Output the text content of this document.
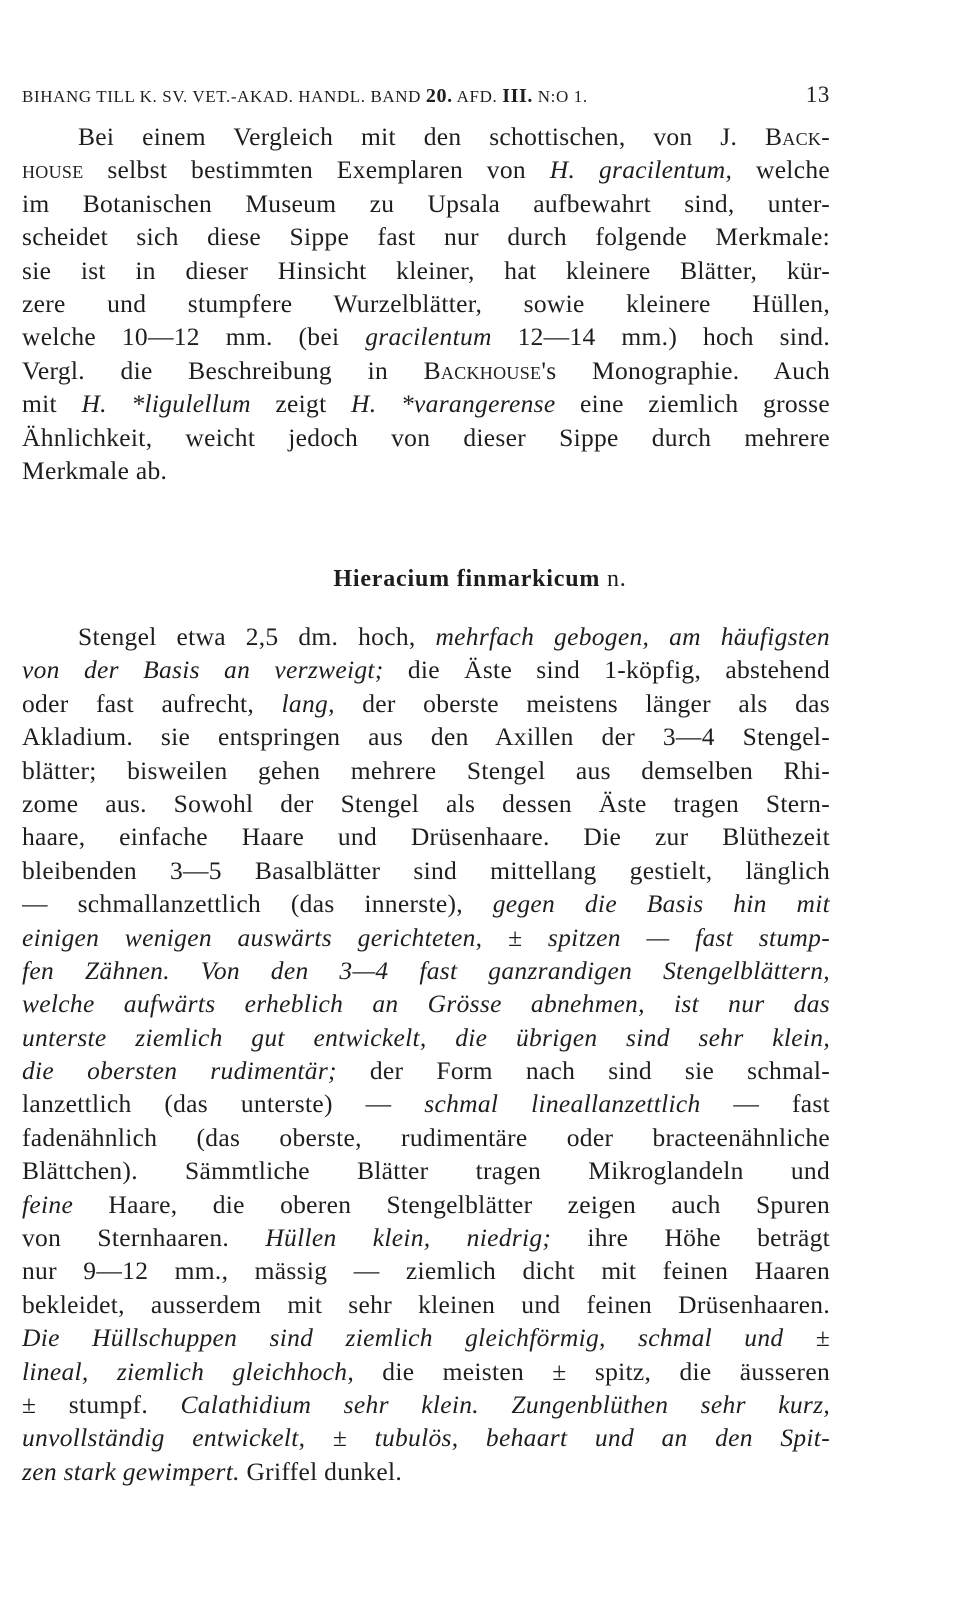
BIHANG TILL K. SV. VET.-AKAD. HANDL. BAND 20. AFD. III. N:O 1.	13
Bei einem Vergleich mit den schottischen, von J. Back-
house selbst bestimmten Exemplaren von H. gracilentum, welche
im Botanischen Museum zu Upsala aufbewahrt sind, unter-
scheidet sich diese Sippe fast nur durch folgende Merkmale:
sie ist in dieser Hinsicht kleiner, hat kleinere Blätter, kür-
zere und stumpfere Wurzelblätter, sowie kleinere Hüllen,
welche 10—12 mm. (bei gracilentum 12—14 mm.) hoch sind.
Vergl. die Beschreibung in Backhouse's Monographie. Auch
mit H. *ligulellum zeigt H. *varangerense eine ziemlich grosse
Ähnlichkeit, weicht jedoch von dieser Sippe durch mehrere
Merkmale ab.
Hieracium finmarkicum n.
Stengel etwa 2,5 dm. hoch, mehrfach gebogen, am häufigsten
von der Basis an verzweigt; die Äste sind 1-köpfig, abstehend
oder fast aufrecht, lang, der oberste meistens länger als das
Akladium. sie entspringen aus den Axillen der 3—4 Stengel-
blätter; bisweilen gehen mehrere Stengel aus demselben Rhi-
zome aus. Sowohl der Stengel als dessen Äste tragen Stern-
haare, einfache Haare und Drüsenhaare. Die zur Blüthezeit
bleibenden 3—5 Basalblätter sind mittellang gestielt, länglich
— schmallanzettlich (das innerste), gegen die Basis hin mit
einigen wenigen auswärts gerichteten, ± spitzen — fast stump-
fen Zähnen. Von den 3—4 fast ganzrandigen Stengelblättern,
welche aufwärts erheblich an Grösse abnehmen, ist nur das
unterste ziemlich gut entwickelt, die übrigen sind sehr klein,
die obersten rudimentär; der Form nach sind sie schmal-
lanzettlich (das unterste) — schmal lineallanzettlich — fast
fadenähnlich (das oberste, rudimentäre oder bracteenähnliche
Blättchen). Sämmtliche Blätter tragen Mikroglandeln und
feine Haare, die oberen Stengelblätter zeigen auch Spuren
von Sternhaaren. Hüllen klein, niedrig; ihre Höhe beträgt
nur 9—12 mm., mässig — ziemlich dicht mit feinen Haaren
bekleidet, ausserdem mit sehr kleinen und feinen Drüsenhaaren.
Die Hüllschuppen sind ziemlich gleichförmig, schmal und ±
lineal, ziemlich gleichhoch, die meisten ± spitz, die äusseren
± stumpf. Calathidium sehr klein. Zungenblüthen sehr kurz,
unvollständig entwickelt, ± tubulös, behaart und an den Spit-
zen stark gewimpert. Griffel dunkel.
